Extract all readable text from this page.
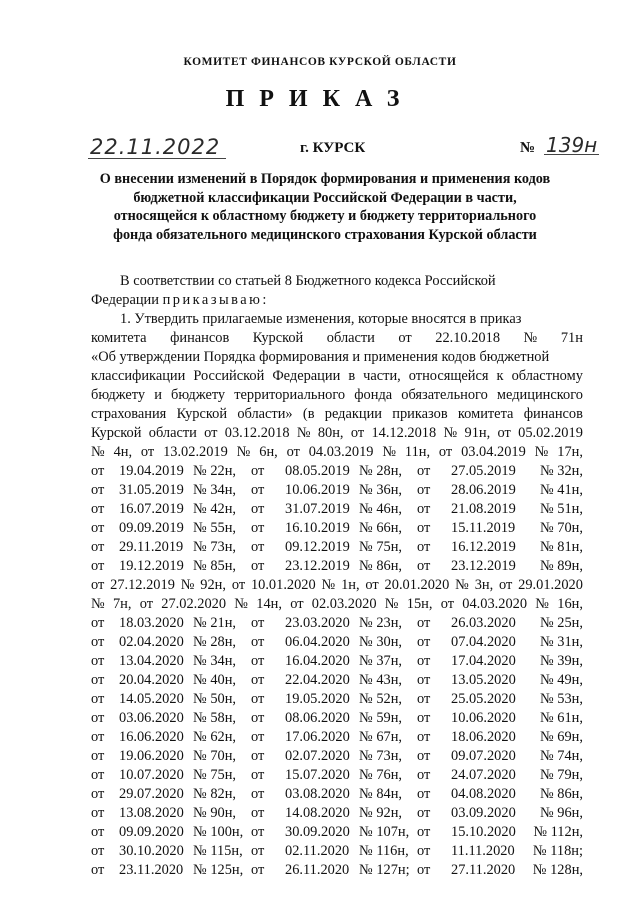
КОМИТЕТ ФИНАНСОВ КУРСКОЙ ОБЛАСТИ
ПРИКАЗ
22.11.2022	г. КУРСК	№ 139н
О внесении изменений в Порядок формирования и применения кодов
бюджетной классификации Российской Федерации в части,
относящейся к областному бюджету и бюджету территориального
фонда обязательного медицинского страхования Курской области
В соответствии со статьей 8 Бюджетного кодекса Российской
Федерации приказываю:
1. Утвердить прилагаемые изменения, которые вносятся в приказ
комитета финансов Курской области от 22.10.2018 № 71н
«Об утверждении Порядка формирования и применения кодов бюджетной
классификации Российской Федерации в части, относящейся к областному
бюджету и бюджету территориального фонда обязательного медицинского
страхования Курской области» (в редакции приказов комитета финансов
Курской области от 03.12.2018 № 80н, от 14.12.2018 № 91н, от 05.02.2019
№ 4н, от 13.02.2019 № 6н, от 04.03.2019 № 11н, от 03.04.2019 № 17н,
от	19.04.2019 № 22н,	от	08.05.2019 № 28н,	от	27.05.2019	№ 32н,
от	31.05.2019 № 34н,	от	10.06.2019 № 36н,	от	28.06.2019	№ 41н,
от	16.07.2019 № 42н,	от	31.07.2019 № 46н,	от	21.08.2019	№ 51н,
от	09.09.2019 № 55н,	от	16.10.2019 № 66н,	от	15.11.2019	№ 70н,
от	29.11.2019 № 73н,	от	09.12.2019 № 75н,	от	16.12.2019	№ 81н,
от	19.12.2019 № 85н,	от	23.12.2019 № 86н,	от	23.12.2019	№ 89н,
от 27.12.2019 № 92н, от 10.01.2020 № 1н, от 20.01.2020 № 3н, от 29.01.2020
№ 7н, от 27.02.2020 № 14н, от 02.03.2020 № 15н, от 04.03.2020 № 16н,
от	18.03.2020 № 21н,	от	23.03.2020 № 23н,	от	26.03.2020	№ 25н,
от	02.04.2020 № 28н,	от	06.04.2020 № 30н,	от	07.04.2020	№ 31н,
от	13.04.2020 № 34н,	от	16.04.2020 № 37н,	от	17.04.2020	№ 39н,
от	20.04.2020 № 40н,	от	22.04.2020 № 43н,	от	13.05.2020	№ 49н,
от	14.05.2020 № 50н,	от	19.05.2020 № 52н,	от	25.05.2020	№ 53н,
от	03.06.2020 № 58н,	от	08.06.2020 № 59н,	от	10.06.2020	№ 61н,
от	16.06.2020 № 62н,	от	17.06.2020 № 67н,	от	18.06.2020	№ 69н,
от	19.06.2020 № 70н,	от	02.07.2020 № 73н,	от	09.07.2020	№ 74н,
от	10.07.2020 № 75н,	от	15.07.2020 № 76н,	от	24.07.2020	№ 79н,
от	29.07.2020 № 82н,	от	03.08.2020 № 84н,	от	04.08.2020	№ 86н,
от	13.08.2020 № 90н,	от	14.08.2020 № 92н,	от	03.09.2020	№ 96н,
от	09.09.2020 № 100н, от	30.09.2020 № 107н, от	15.10.2020	№ 112н,
от	30.10.2020 № 115н, от	02.11.2020 № 116н, от	11.11.2020	№ 118н;
от	23.11.2020 № 125н, от	26.11.2020 № 127н; от	27.11.2020	№ 128н,
